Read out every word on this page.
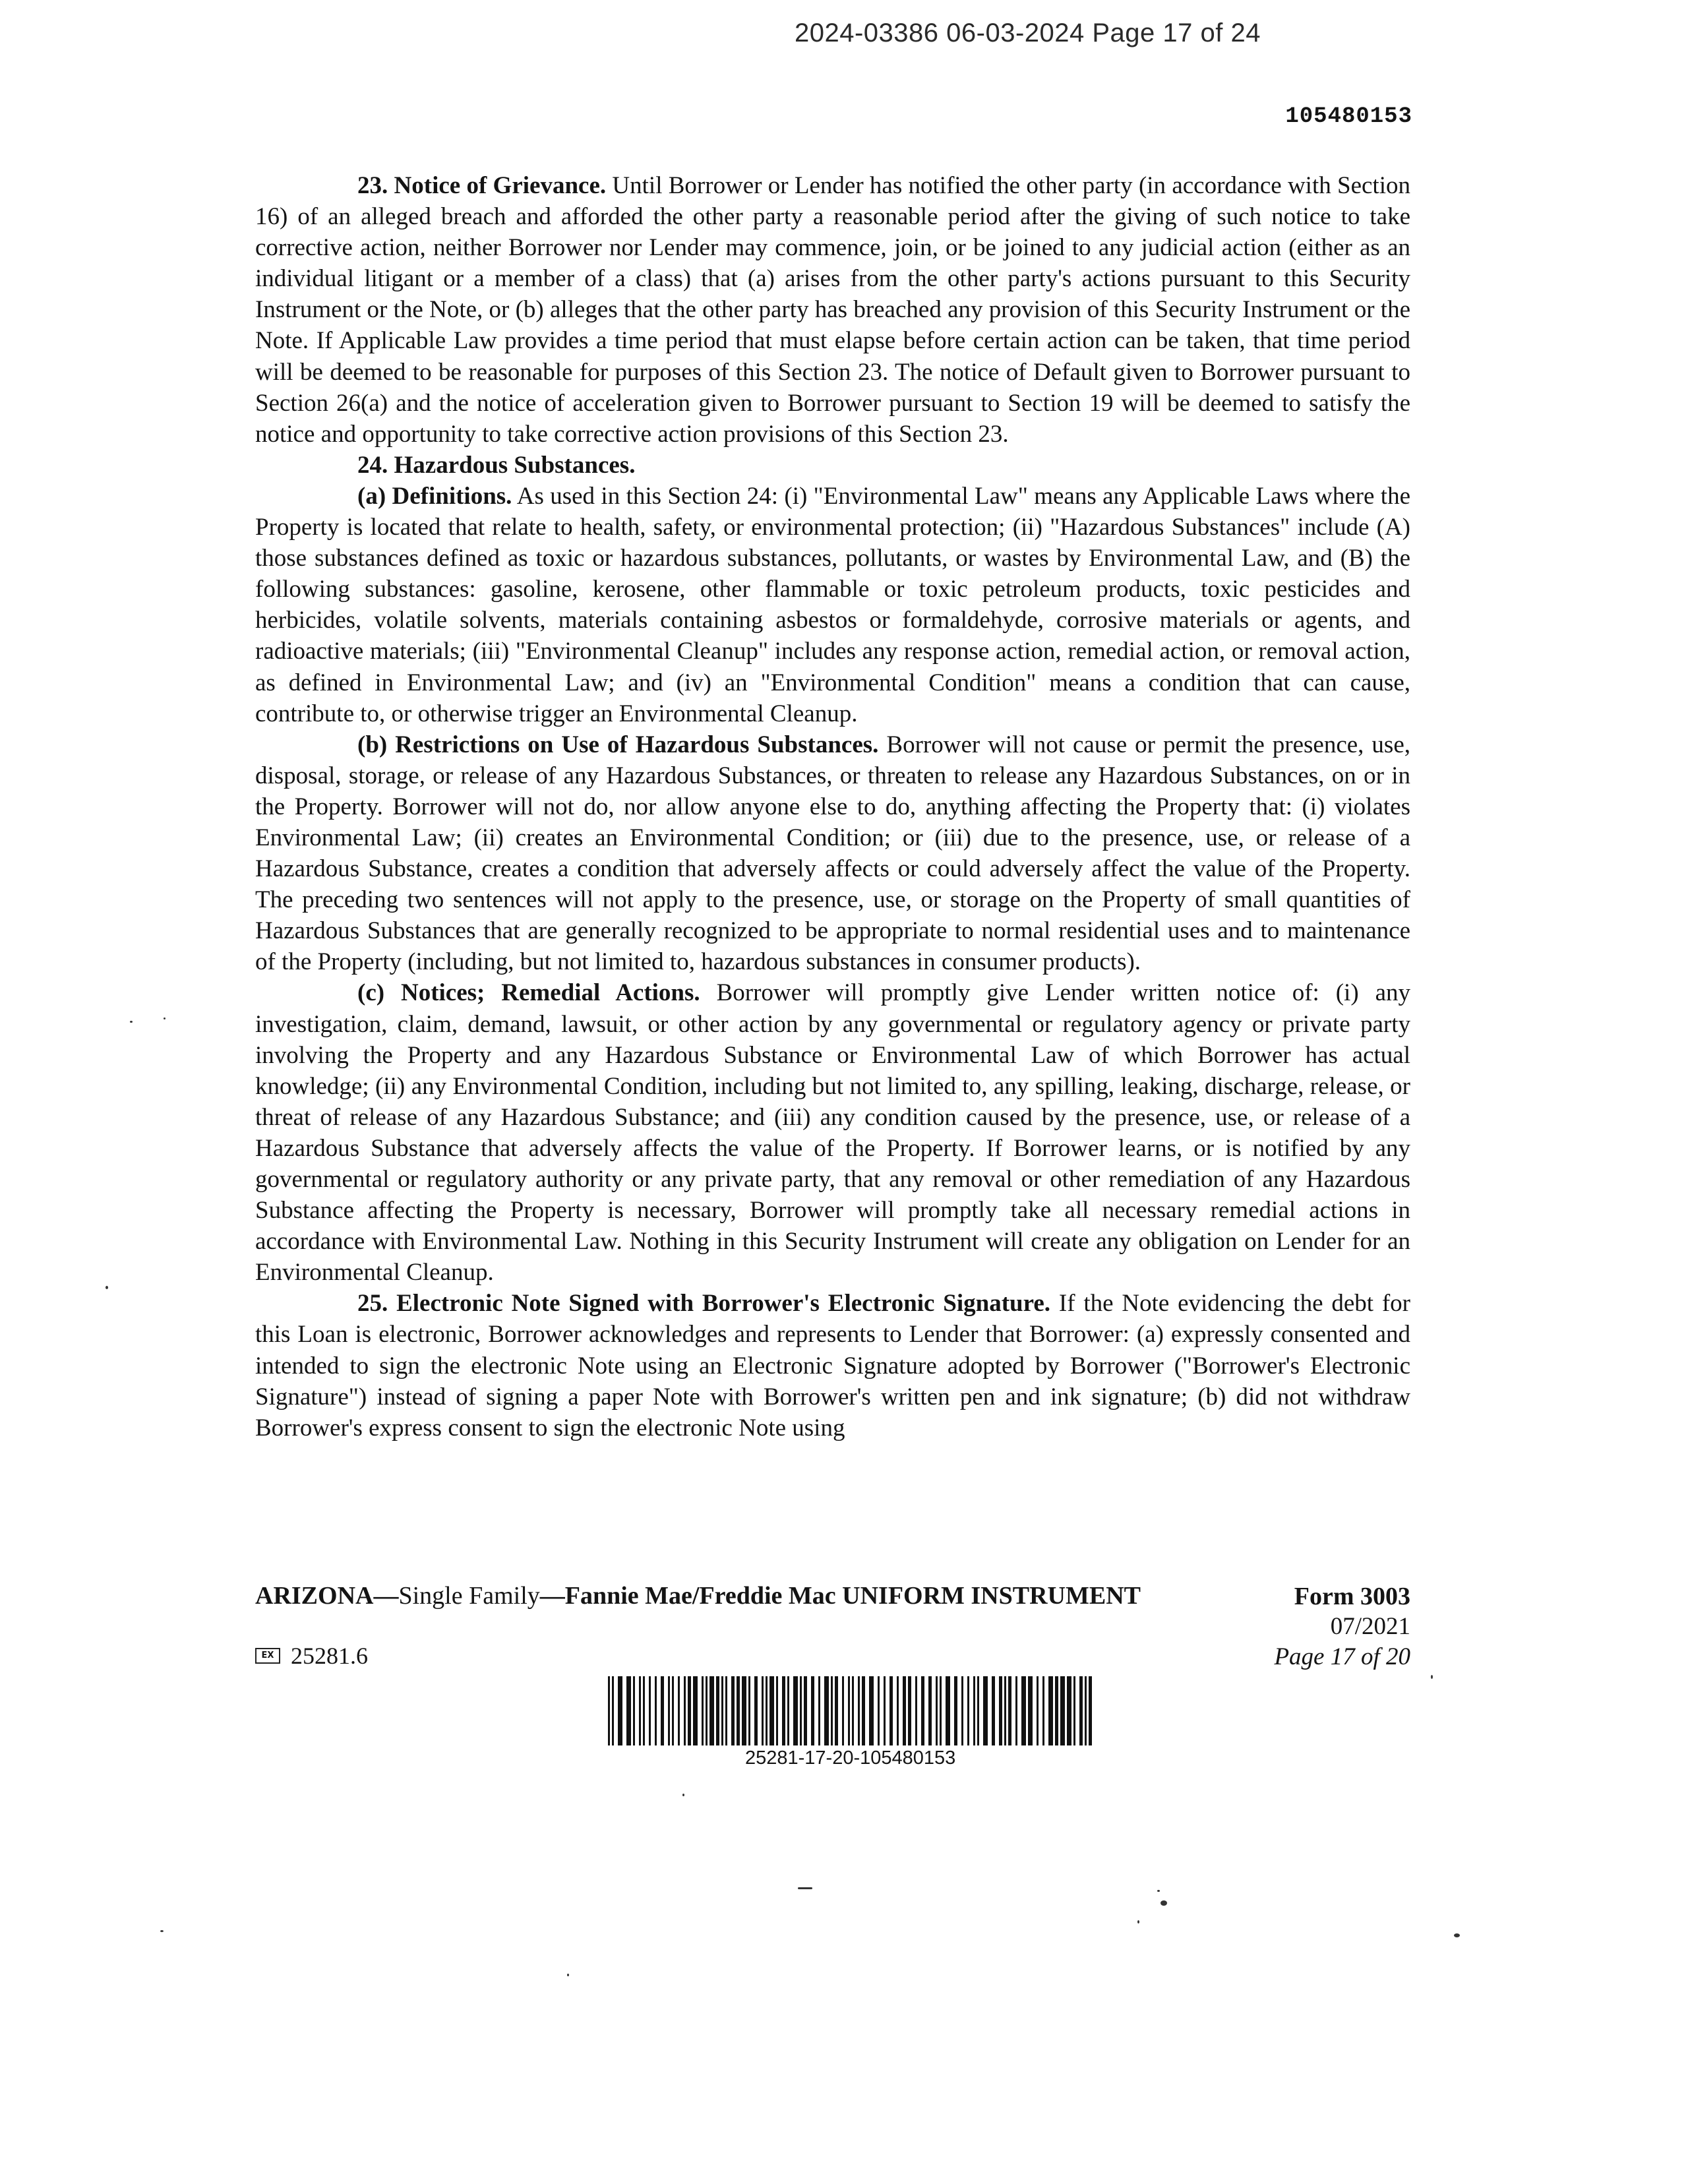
2024-03386 06-03-2024 Page 17 of 24
105480153

23. Notice of Grievance. Until Borrower or Lender has notified the other party (in accordance with Section 16) of an alleged breach and afforded the other party a reasonable period after the giving of such notice to take corrective action, neither Borrower nor Lender may commence, join, or be joined to any judicial action (either as an individual litigant or a member of a class) that (a) arises from the other party's actions pursuant to this Security Instrument or the Note, or (b) alleges that the other party has breached any provision of this Security Instrument or the Note. If Applicable Law provides a time period that must elapse before certain action can be taken, that time period will be deemed to be reasonable for purposes of this Section 23. The notice of Default given to Borrower pursuant to Section 26(a) and the notice of acceleration given to Borrower pursuant to Section 19 will be deemed to satisfy the notice and opportunity to take corrective action provisions of this Section 23.

24. Hazardous Substances.

(a) Definitions. As used in this Section 24: (i) "Environmental Law" means any Applicable Laws where the Property is located that relate to health, safety, or environmental protection; (ii) "Hazardous Substances" include (A) those substances defined as toxic or hazardous substances, pollutants, or wastes by Environmental Law, and (B) the following substances: gasoline, kerosene, other flammable or toxic petroleum products, toxic pesticides and herbicides, volatile solvents, materials containing asbestos or formaldehyde, corrosive materials or agents, and radioactive materials; (iii) "Environmental Cleanup" includes any response action, remedial action, or removal action, as defined in Environmental Law; and (iv) an "Environmental Condition" means a condition that can cause, contribute to, or otherwise trigger an Environmental Cleanup.

(b) Restrictions on Use of Hazardous Substances. Borrower will not cause or permit the presence, use, disposal, storage, or release of any Hazardous Substances, or threaten to release any Hazardous Substances, on or in the Property. Borrower will not do, nor allow anyone else to do, anything affecting the Property that: (i) violates Environmental Law; (ii) creates an Environmental Condition; or (iii) due to the presence, use, or release of a Hazardous Substance, creates a condition that adversely affects or could adversely affect the value of the Property. The preceding two sentences will not apply to the presence, use, or storage on the Property of small quantities of Hazardous Substances that are generally recognized to be appropriate to normal residential uses and to maintenance of the Property (including, but not limited to, hazardous substances in consumer products).

(c) Notices; Remedial Actions. Borrower will promptly give Lender written notice of: (i) any investigation, claim, demand, lawsuit, or other action by any governmental or regulatory agency or private party involving the Property and any Hazardous Substance or Environmental Law of which Borrower has actual knowledge; (ii) any Environmental Condition, including but not limited to, any spilling, leaking, discharge, release, or threat of release of any Hazardous Substance; and (iii) any condition caused by the presence, use, or release of a Hazardous Substance that adversely affects the value of the Property. If Borrower learns, or is notified by any governmental or regulatory authority or any private party, that any removal or other remediation of any Hazardous Substance affecting the Property is necessary, Borrower will promptly take all necessary remedial actions in accordance with Environmental Law. Nothing in this Security Instrument will create any obligation on Lender for an Environmental Cleanup.

25. Electronic Note Signed with Borrower's Electronic Signature. If the Note evidencing the debt for this Loan is electronic, Borrower acknowledges and represents to Lender that Borrower: (a) expressly consented and intended to sign the electronic Note using an Electronic Signature adopted by Borrower ("Borrower's Electronic Signature") instead of signing a paper Note with Borrower's written pen and ink signature; (b) did not withdraw Borrower's express consent to sign the electronic Note using

ARIZONA—Single Family—Fannie Mae/Freddie Mac UNIFORM INSTRUMENT	Form 3003
07/2021
Page 17 of 20
EX 25281.6
25281-17-20-105480153
